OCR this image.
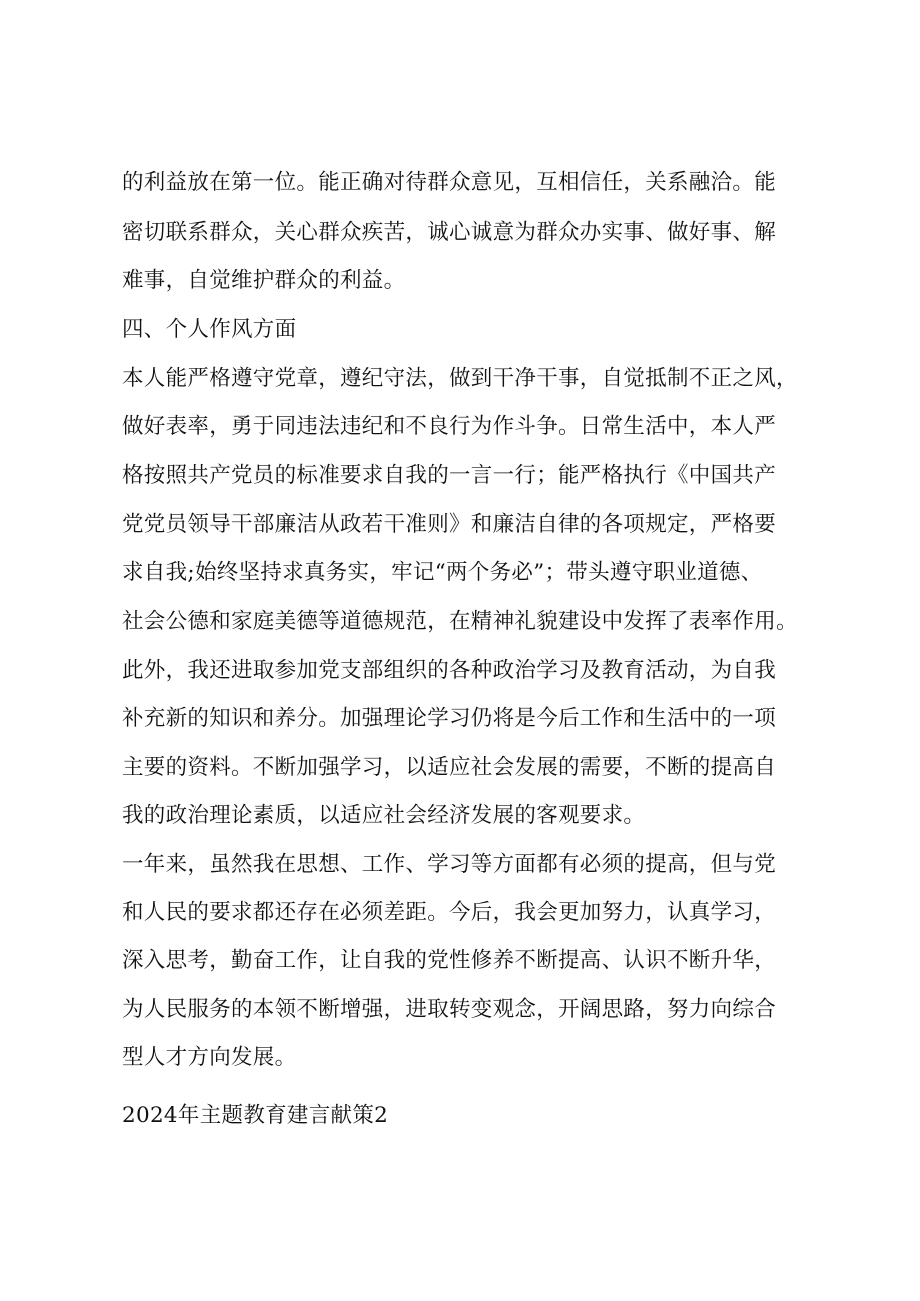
的利益放在第一位。能正确对待群众意见，互相信任，关系融洽。能
密切联系群众，关心群众疾苦，诚心诚意为群众办实事、做好事、解
难事，自觉维护群众的利益。
四、个人作风方面
本人能严格遵守党章，遵纪守法，做到干净干事，自觉抵制不正之风，
做好表率，勇于同违法违纪和不良行为作斗争。日常生活中，本人严
格按照共产党员的标准要求自我的一言一行；能严格执行《中国共产
党党员领导干部廉洁从政若干准则》和廉洁自律的各项规定，严格要
求自我;始终坚持求真务实，牢记“两个务必”；带头遵守职业道德、
社会公德和家庭美德等道德规范，在精神礼貌建设中发挥了表率作用。
此外，我还进取参加党支部组织的各种政治学习及教育活动，为自我
补充新的知识和养分。加强理论学习仍将是今后工作和生活中的一项
主要的资料。不断加强学习，以适应社会发展的需要，不断的提高自
我的政治理论素质，以适应社会经济发展的客观要求。
一年来，虽然我在思想、工作、学习等方面都有必须的提高，但与党
和人民的要求都还存在必须差距。今后，我会更加努力，认真学习，
深入思考，勤奋工作，让自我的党性修养不断提高、认识不断升华，
为人民服务的本领不断增强，进取转变观念，开阔思路，努力向综合
型人才方向发展。
2024年主题教育建言献策2
